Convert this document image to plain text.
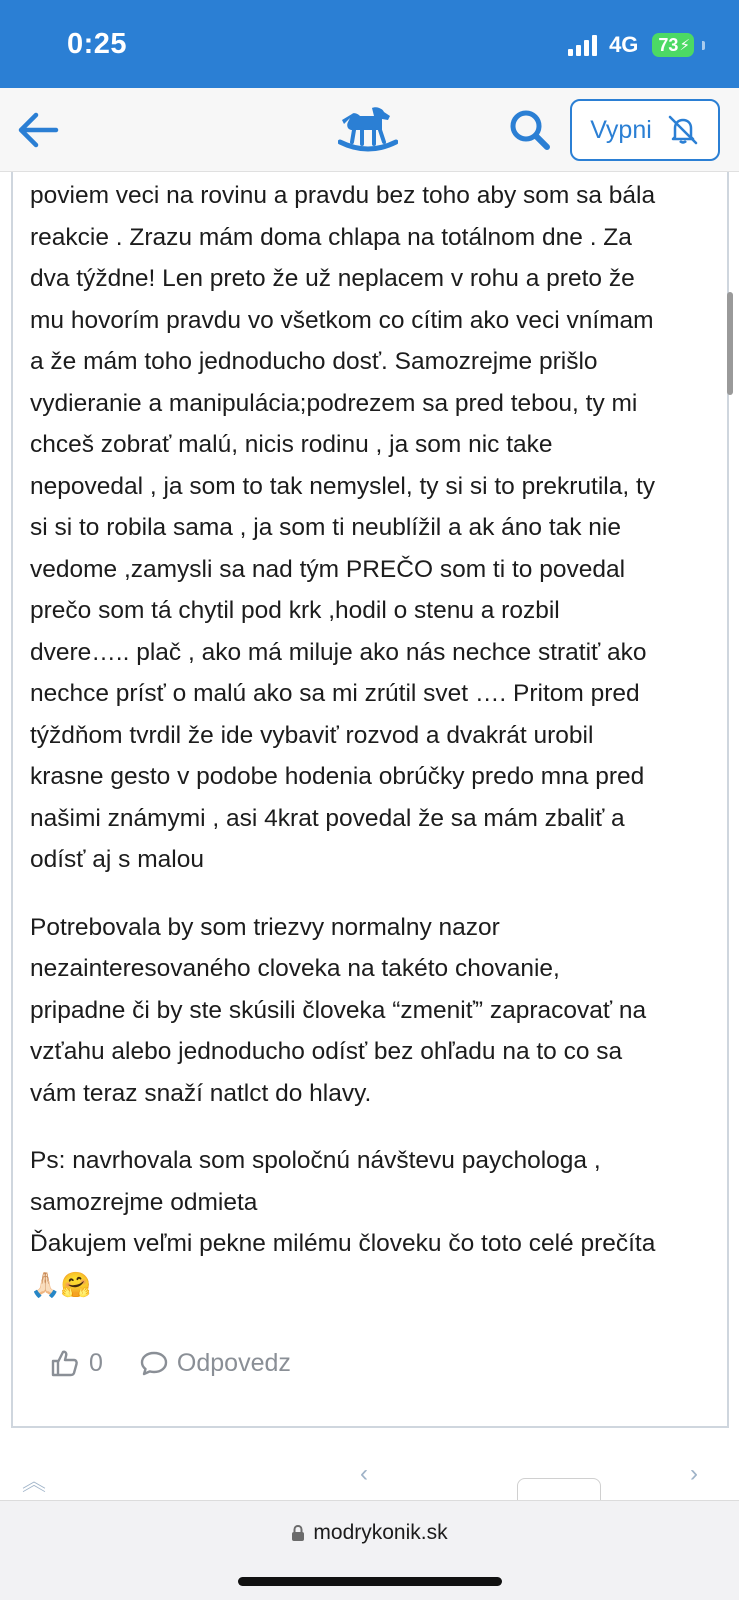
0:25	4G 73 ⚡
Vypni

poviem veci na rovinu a pravdu bez toho aby som sa bála
reakcie . Zrazu mám doma chlapa na totálnom dne . Za
dva týždne! Len preto že už neplacem v rohu a preto že
mu hovorím pravdu vo všetkom co cítim ako veci vnímam
a že mám toho jednoducho dosť. Samozrejme prišlo
vydieranie a manipulácia;podrezem sa pred tebou, ty mi
chceš zobrať malú, nicis rodinu , ja som nic take
nepovedal , ja som to tak nemyslel, ty si si to prekrutila, ty
si si to robila sama , ja som ti neublížil a ak áno tak nie
vedome ,zamysli sa nad tým PREČO som ti to povedal
prečo som tá chytil pod krk ,hodil o stenu a rozbil
dvere….. plač , ako má miluje ako nás nechce stratiť ako
nechce prísť o malú ako sa mi zrútil svet …. Pritom pred
týždňom tvrdil že ide vybaviť rozvod a dvakrát urobil
krasne gesto v podobe hodenia obrúčky predo mna pred
našimi známymi , asi 4krat povedal že sa mám zbaliť a
odísť aj s malou

Potrebovala by som triezvy normalny nazor
nezainteresovaného cloveka na takéto chovanie,
pripadne či by ste skúsili človeka “zmeniť” zapracovať na
vzťahu alebo jednoducho odísť bez ohľadu na to co sa
vám teraz snaží natlct do hlavy.

Ps: navrhovala som spoločnú návštevu paychologa ,
samozrejme odmieta
Ďakujem veľmi pekne milému človeku čo toto celé prečíta
🙏🏻🤗

0	Odpovedz
︽	‹	›
modrykonik.sk
